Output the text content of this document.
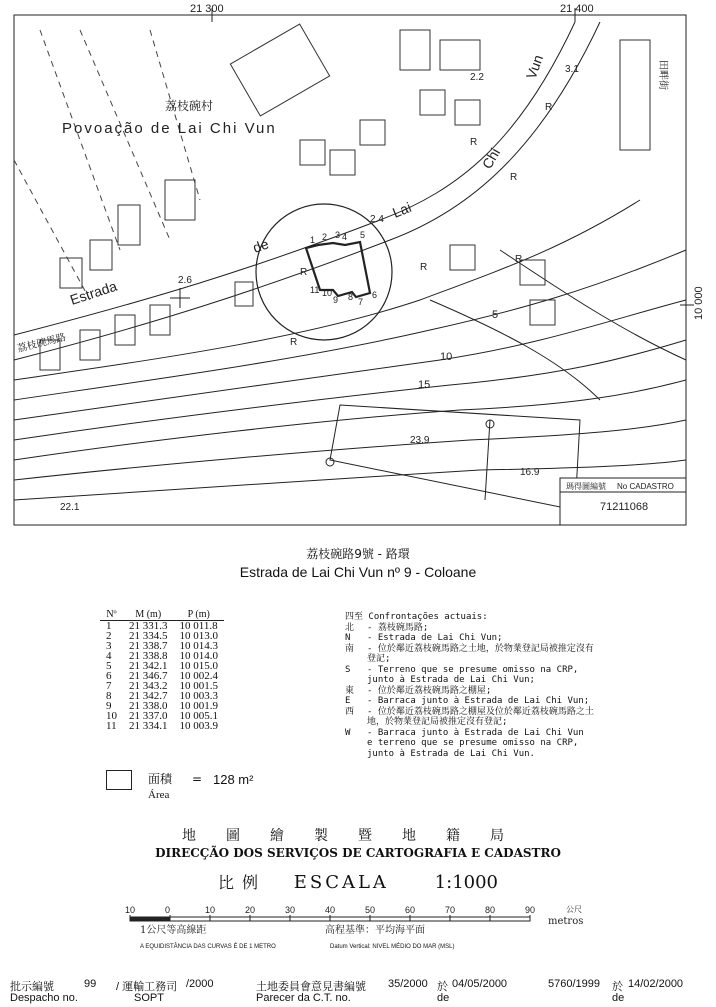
21 300	21 400
10 000
荔枝碗村
Povoação de Lai Chi Vun
荔枝碗馬路
Estrada
de
Lai
Chi
Vun	田畔街
2.2
3.1
2.4
2.6
23.9
16.9
22.1
5
10
15
R
R
R
R
R
R
R
1 2 3 4 5
6
7
8
9
10
11
瑪得圖編號 No CADASTRO
71211068
荔枝碗路9號 - 路環
Estrada de Lai Chi Vun nº 9 - Coloane
Nº	M (m)	P (m)
1	21 331.3	10 011.8
2	21 334.5	10 013.0
3	21 338.7	10 014.3
4	21 338.8	10 014.0
5	21 342.1	10 015.0
6	21 346.7	10 002.4
7	21 343.2	10 001.5
8	21 342.7	10 003.3
9	21 338.0	10 001.9
10	21 337.0	10 005.1
11	21 334.1	10 003.9
四至 Confrontações actuais:
北	- 荔枝碗馬路;
N	- Estrada de Lai Chi Vun;
南	- 位於鄰近荔枝碗馬路之土地，於物業登記局被推定沒有
登記;
S	- Terreno que se presume omisso na CRP,
junto à Estrada de Lai Chi Vun;
東	- 位於鄰近荔枝碗馬路之棚屋;
E	- Barraca junto à Estrada de Lai Chi Vun;
西	- 位於鄰近荔枝碗馬路之棚屋及位於鄰近荔枝碗馬路之土
地，於物業登記局被推定沒有登記;
W	- Barraca junto à Estrada de Lai Chi Vun
e terreno que se presume omisso na CRP,
junto à Estrada de Lai Chi Vun.
面積
Área
= 128 m²
地圖繪製暨地籍局
DIRECÇÃO DOS SERVIÇOS DE CARTOGRAFIA E CADASTRO
比例 ESCALA	1:1000
10	0	10	20	30	40	50	60	70	80	90	公尺
metros
1公尺等高線距	高程基準：平均海平面
A EQUIDISTÂNCIA DAS CURVAS É DE 1 METRO	Datum Vertical: NIVEL MÉDIO DO MAR (MSL)
批示編號
Despacho no.
99 / 運輸工務司
SOPT
/2000	土地委員會意見書編號
Parecer da C.T. no.
35/2000 於 04/05/2000
de
5760/1999 於 14/02/2000
de
